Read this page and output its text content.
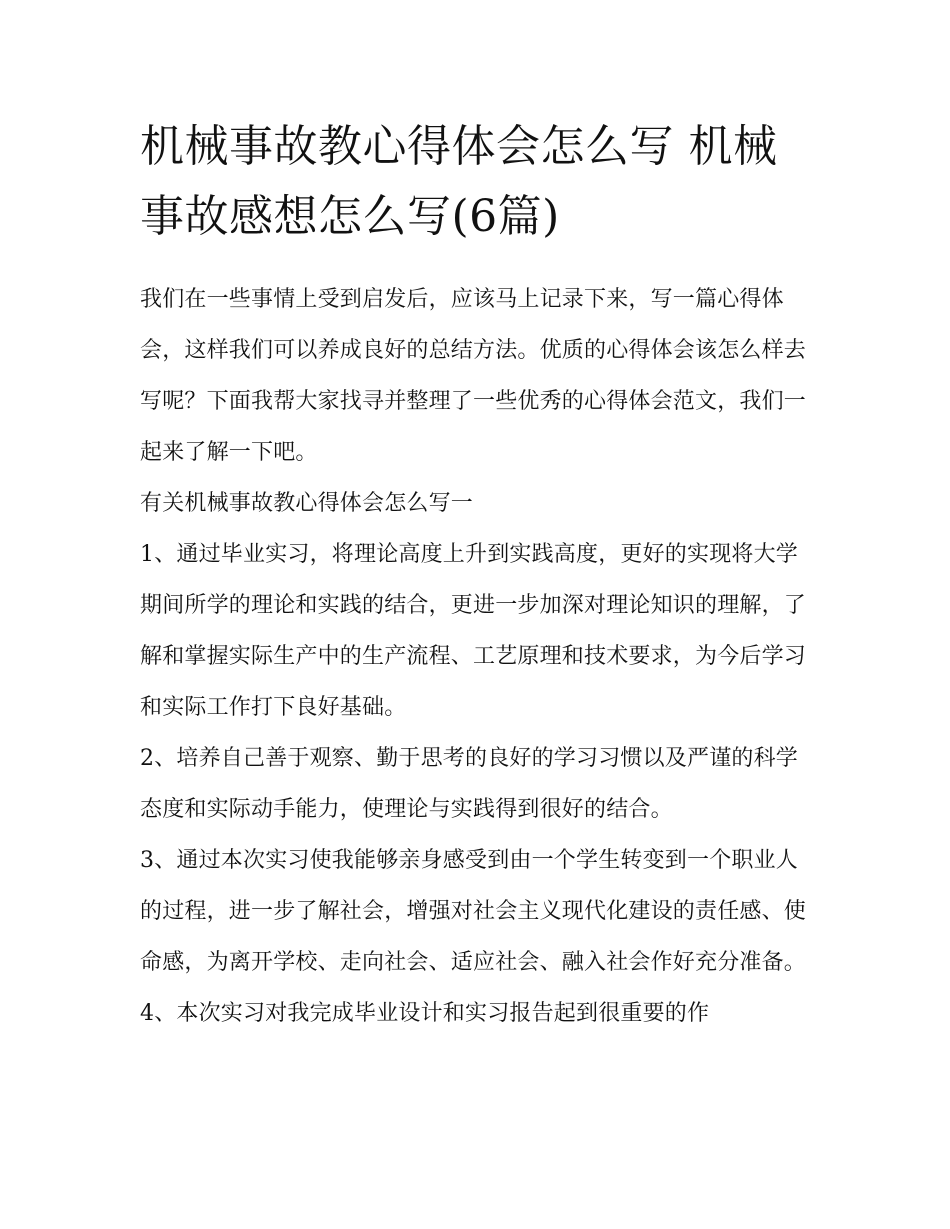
机械事故教心得体会怎么写 机械事故感想怎么写(6篇)

我们在一些事情上受到启发后，应该马上记录下来，写一篇心得体会，这样我们可以养成良好的总结方法。优质的心得体会该怎么样去写呢？下面我帮大家找寻并整理了一些优秀的心得体会范文，我们一起来了解一下吧。

有关机械事故教心得体会怎么写一

1、通过毕业实习，将理论高度上升到实践高度，更好的实现将大学期间所学的理论和实践的结合，更进一步加深对理论知识的理解，了解和掌握实际生产中的生产流程、工艺原理和技术要求，为今后学习和实际工作打下良好基础。

2、培养自己善于观察、勤于思考的良好的学习习惯以及严谨的科学态度和实际动手能力，使理论与实践得到很好的结合。

3、通过本次实习使我能够亲身感受到由一个学生转变到一个职业人的过程，进一步了解社会，增强对社会主义现代化建设的责任感、使命感，为离开学校、走向社会、适应社会、融入社会作好充分准备。

4、本次实习对我完成毕业设计和实习报告起到很重要的作
